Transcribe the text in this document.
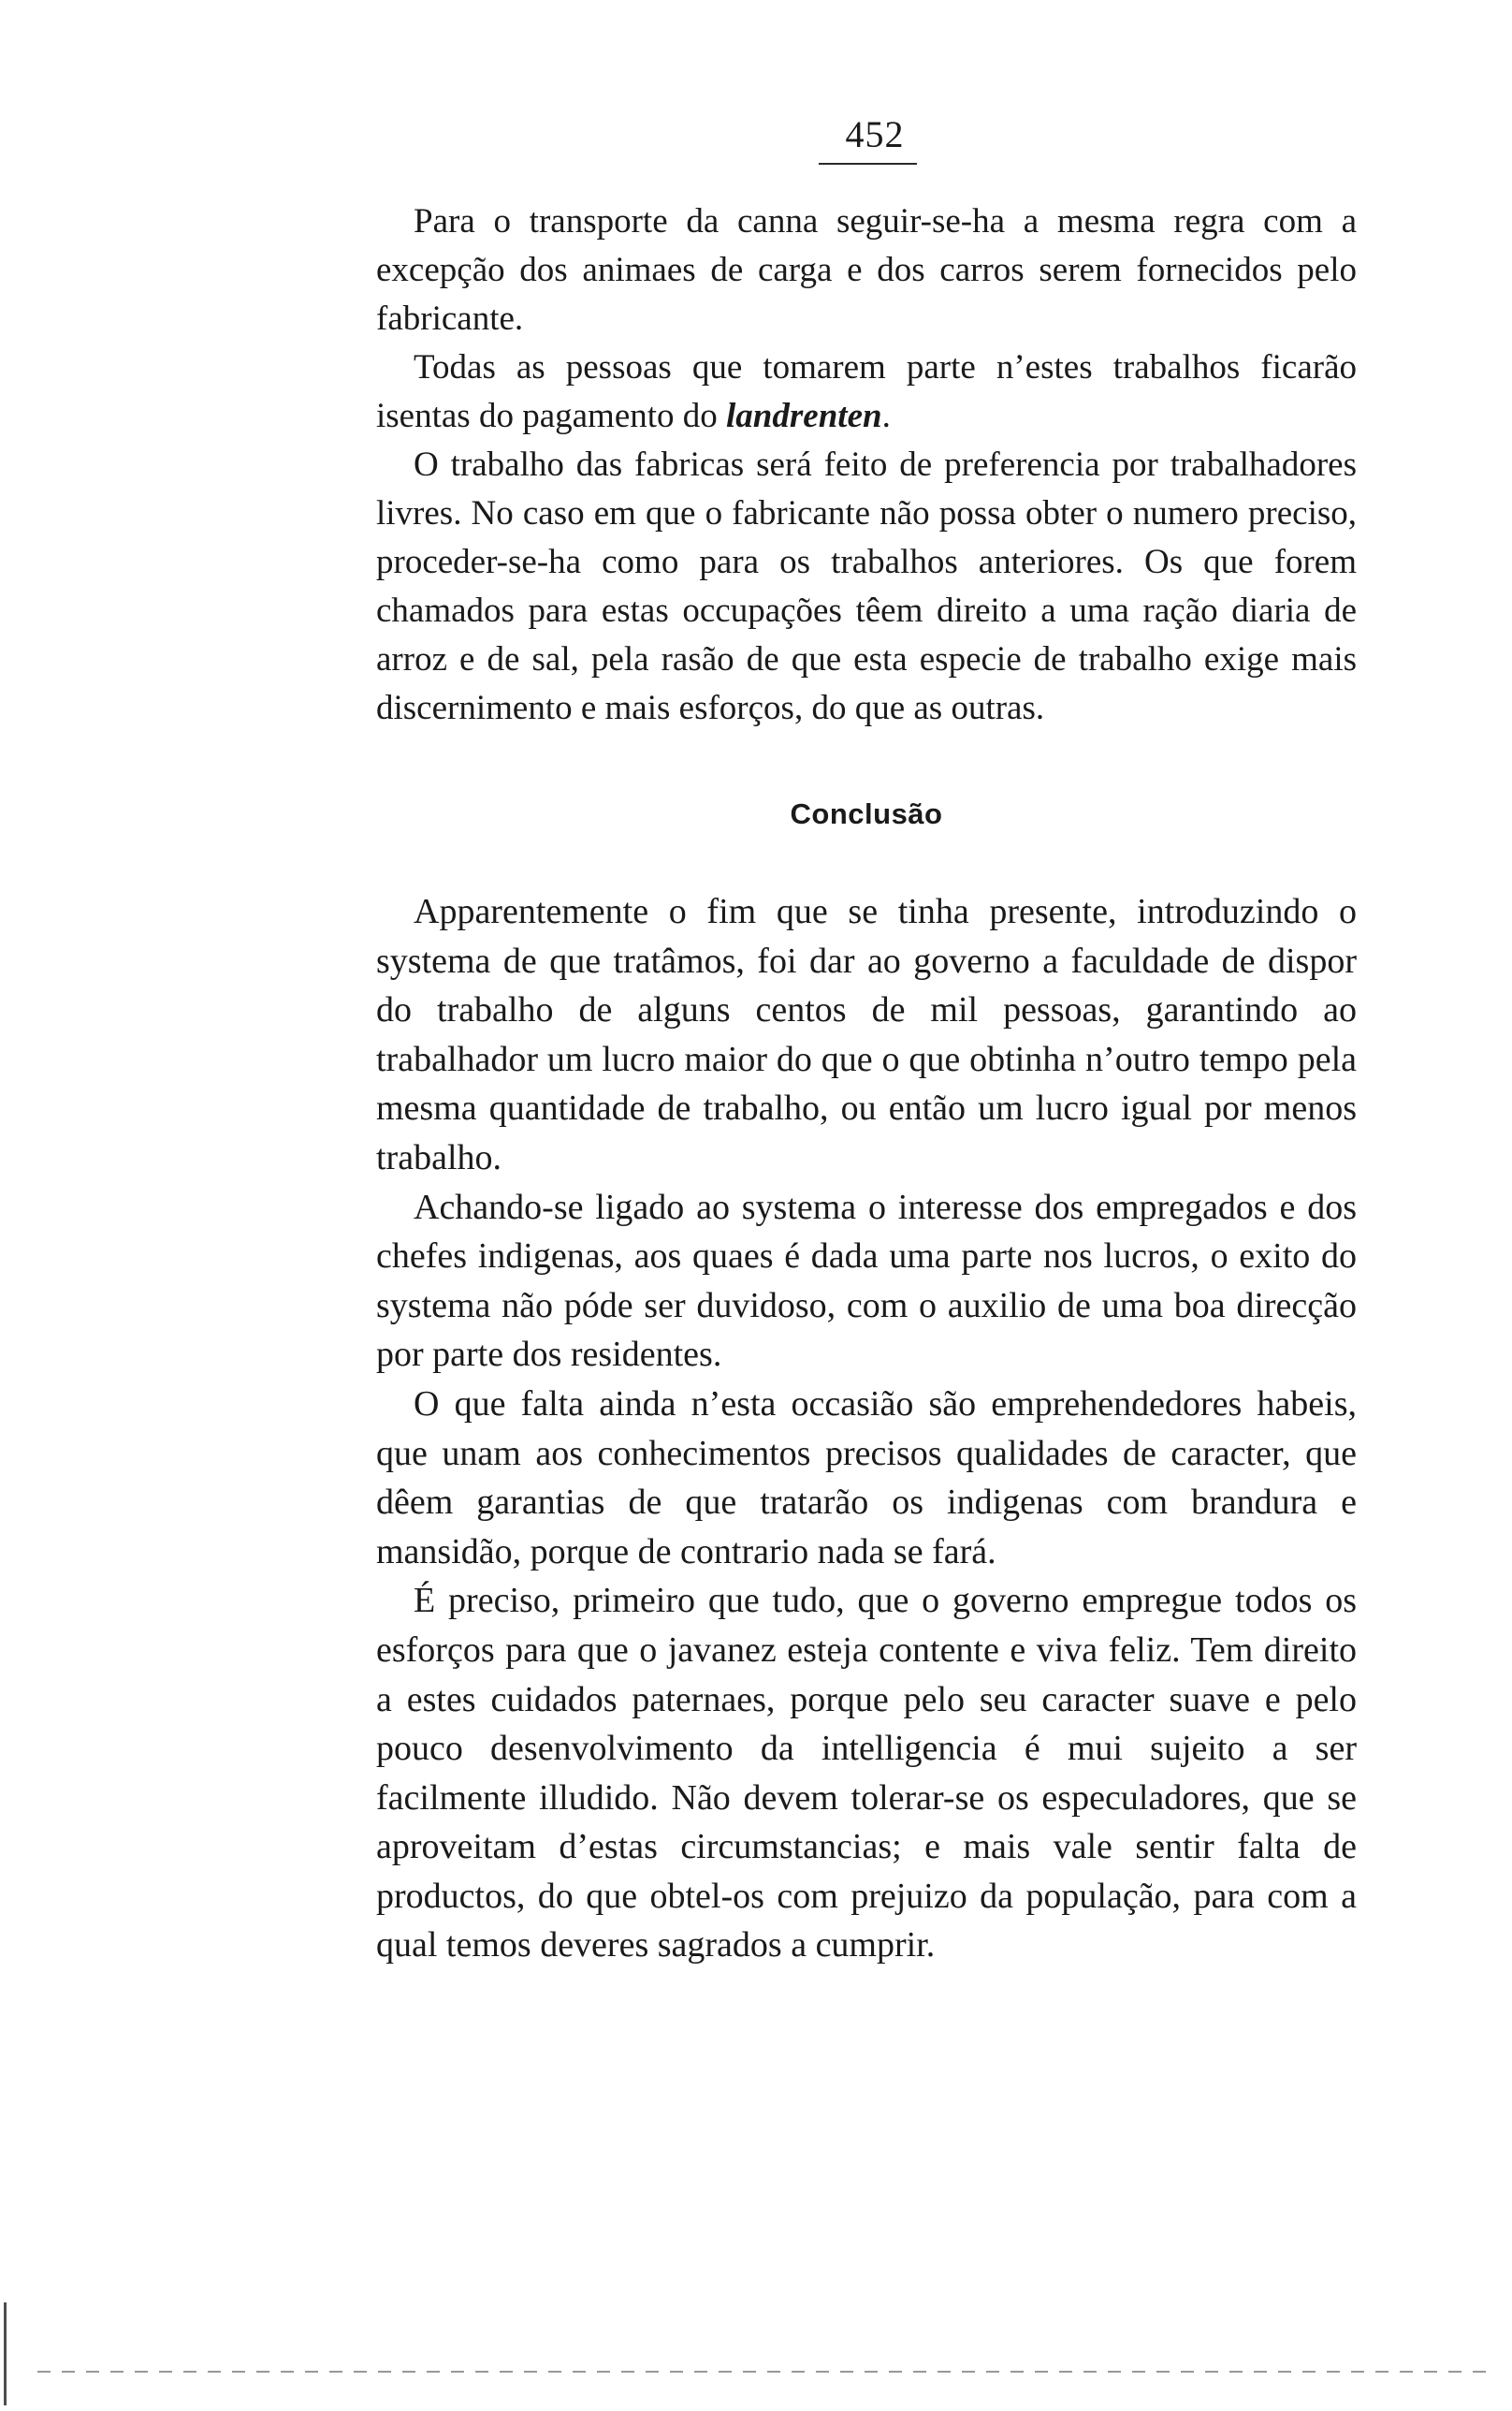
452

Para o transporte da canna seguir-se-ha a mesma regra com a excepção dos animaes de carga e dos carros serem fornecidos pelo fabricante.

Todas as pessoas que tomarem parte n’estes trabalhos ficarão isentas do pagamento do landrenten.

O trabalho das fabricas será feito de preferencia por trabalhadores livres. No caso em que o fabricante não possa obter o numero preciso, proceder-se-ha como para os trabalhos anteriores. Os que forem chamados para estas occupações têem direito a uma ração diaria de arroz e de sal, pela rasão de que esta especie de trabalho exige mais discernimento e mais esforços, do que as outras.

Conclusão

Apparentemente o fim que se tinha presente, introduzindo o systema de que tratâmos, foi dar ao governo a faculdade de dispor do trabalho de alguns centos de mil pessoas, garantindo ao trabalhador um lucro maior do que o que obtinha n’outro tempo pela mesma quantidade de trabalho, ou então um lucro igual por menos trabalho.

Achando-se ligado ao systema o interesse dos empregados e dos chefes indigenas, aos quaes é dada uma parte nos lucros, o exito do systema não póde ser duvidoso, com o auxilio de uma boa direcção por parte dos residentes.

O que falta ainda n’esta occasião são emprehendedores habeis, que unam aos conhecimentos precisos qualidades de caracter, que dêem garantias de que tratarão os indigenas com brandura e mansidão, porque de contrario nada se fará.

É preciso, primeiro que tudo, que o governo empregue todos os esforços para que o javanez esteja contente e viva feliz. Tem direito a estes cuidados paternaes, porque pelo seu caracter suave e pelo pouco desenvolvimento da intelligencia é mui sujeito a ser facilmente illudido. Não devem tolerar-se os especuladores, que se aproveitam d’estas circumstancias; e mais vale sentir falta de productos, do que obtel-os com prejuizo da população, para com a qual temos deveres sagrados a cumprir.
